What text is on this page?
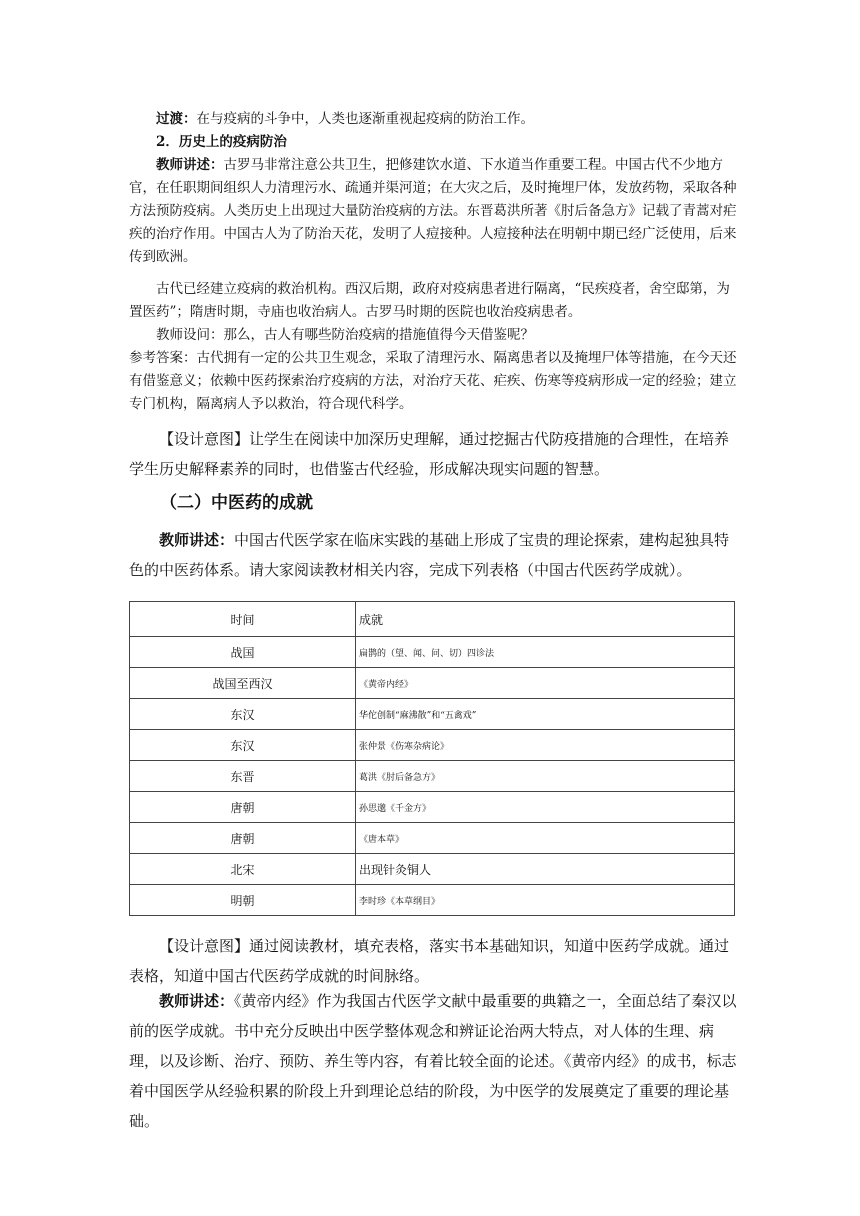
过渡：在与疫病的斗争中，人类也逐渐重视起疫病的防治工作。
2．历史上的疫病防治
教师讲述：古罗马非常注意公共卫生，把修建饮水道、下水道当作重要工程。中国古代不少地方官，在任职期间组织人力清理污水、疏通并渠河道；在大灾之后，及时掩埋尸体，发放药物，采取各种方法预防疫病。人类历史上出现过大量防治疫病的方法。东晋葛洪所著《肘后备急方》记载了青蒿对疟疾的治疗作用。中国古人为了防治天花，发明了人痘接种。人痘接种法在明朝中期已经广泛使用，后来传到欧洲。
古代已经建立疫病的救治机构。西汉后期，政府对疫病患者进行隔离，“民疾疫者，舍空邸第，为置医药”；隋唐时期，寺庙也收治病人。古罗马时期的医院也收治疫病患者。
教师设问：那么，古人有哪些防治疫病的措施值得今天借鉴呢？
参考答案：古代拥有一定的公共卫生观念，采取了清理污水、隔离患者以及掩埋尸体等措施，在今天还有借鉴意义；依赖中医药探索治疗疫病的方法，对治疗天花、疟疾、伤寒等疫病形成一定的经验；建立专门机构，隔离病人予以救治，符合现代科学。
【设计意图】让学生在阅读中加深历史理解，通过挖掘古代防疫措施的合理性，在培养学生历史解释素养的同时，也借鉴古代经验，形成解决现实问题的智慧。
（二）中医药的成就
教师讲述：中国古代医学家在临床实践的基础上形成了宝贵的理论探索，建构起独具特色的中医药体系。请大家阅读教材相关内容，完成下列表格（中国古代医药学成就）。
时间	成就
战国	扁鹊的（望、闻、问、切）四诊法
战国至西汉	《黄帝内经》
东汉	华佗创制“麻沸散”和“五禽戏”
东汉	张仲景《伤寒杂病论》
东晋	葛洪《肘后备急方》
唐朝	孙思邈《千金方》
唐朝	《唐本草》
北宋	出现针灸铜人
明朝	李时珍《本草纲目》
【设计意图】通过阅读教材，填充表格，落实书本基础知识，知道中医药学成就。通过表格，知道中国古代医药学成就的时间脉络。
教师讲述：《黄帝内经》作为我国古代医学文献中最重要的典籍之一，全面总结了秦汉以前的医学成就。书中充分反映出中医学整体观念和辨证论治两大特点，对人体的生理、病理，以及诊断、治疗、预防、养生等内容，有着比较全面的论述。《黄帝内经》的成书，标志着中国医学从经验积累的阶段上升到理论总结的阶段，为中医学的发展奠定了重要的理论基础。
